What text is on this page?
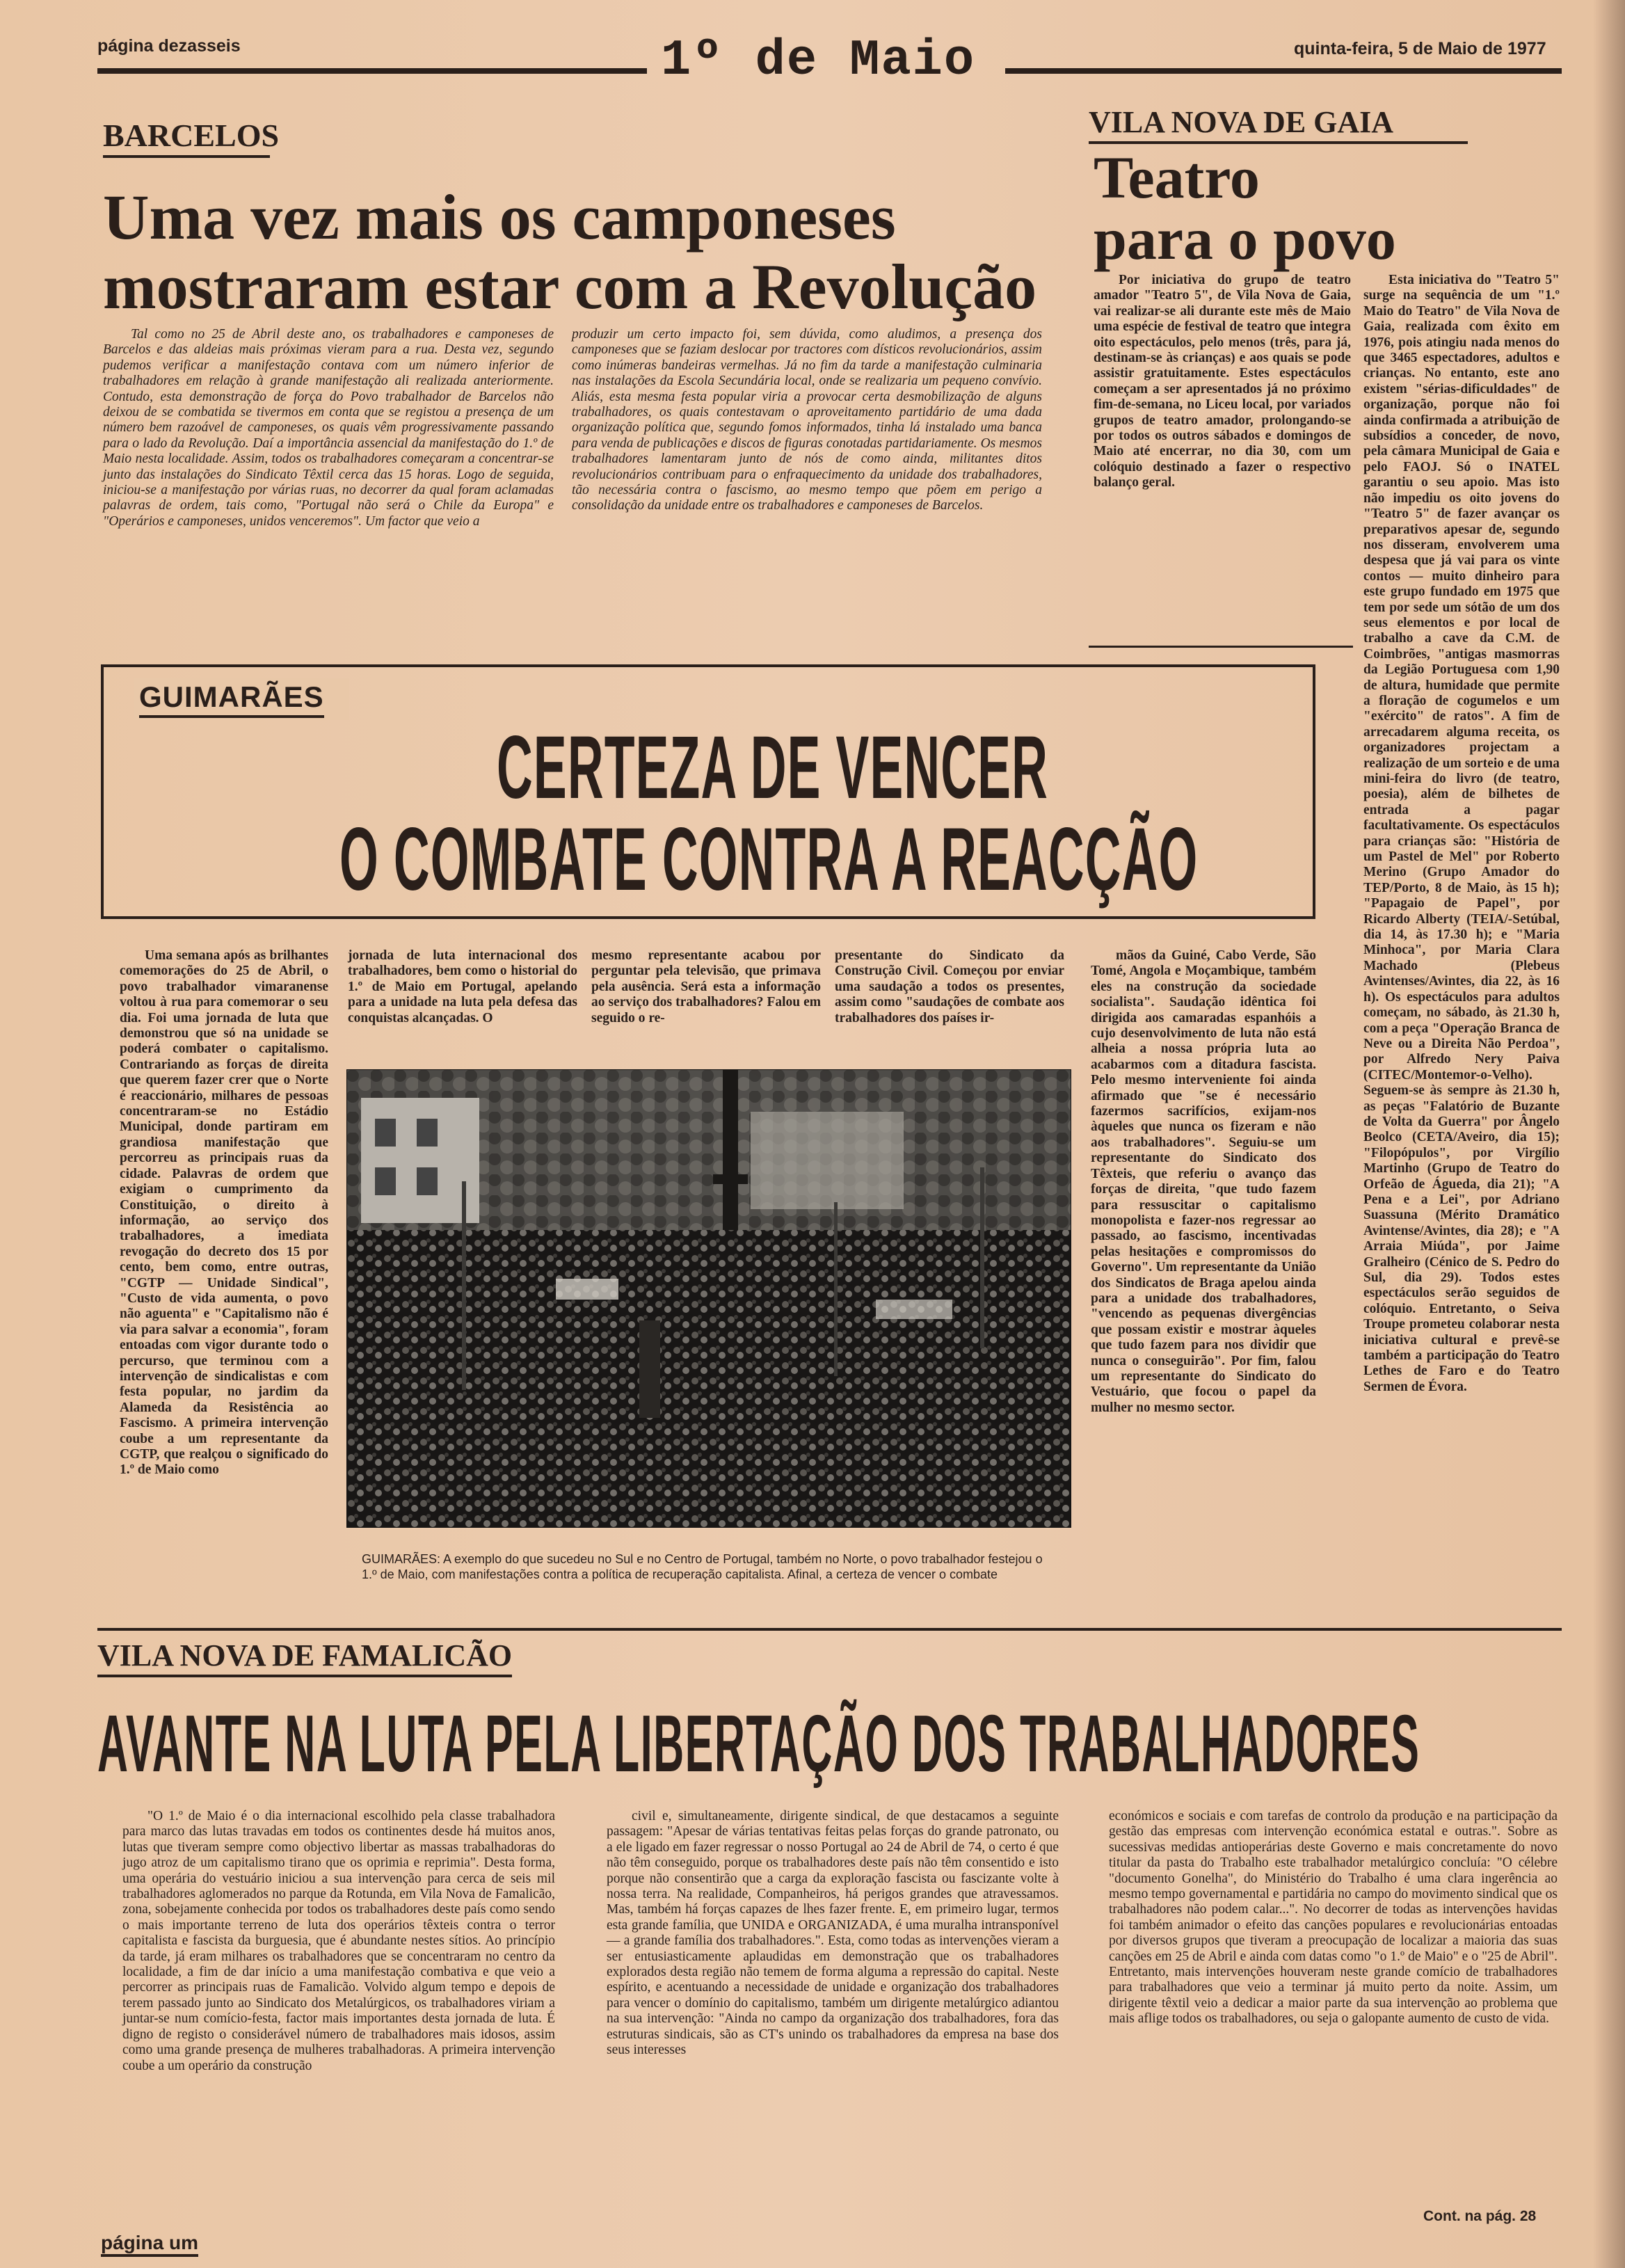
página dezasseis	1º de Maio	quinta-feira, 5 de Maio de 1977
BARCELOS
Uma vez mais os camponeses
mostraram estar com a Revolução
Tal como no 25 de Abril deste ano, os trabalhadores e camponeses de Barcelos e das aldeias mais próximas vieram para a rua. Desta vez, segundo pudemos verificar a manifestação contava com um número inferior de trabalhadores em relação à grande manifestação ali realizada anteriormente. Contudo, esta demonstração de força do Povo trabalhador de Barcelos não deixou de se combatida se tivermos em conta que se registou a presença de um número bem razoável de camponeses, os quais vêm progressivamente passando para o lado da Revolução. Daí a importância assencial da manifestação do 1.º de Maio nesta localidade. Assim, todos os trabalhadores começaram a concentrar-se junto das instalações do Sindicato Têxtil cerca das 15 horas. Logo de seguida, iniciou-se a manifestação por várias ruas, no decorrer da qual foram aclamadas palavras de ordem, tais como, "Portugal não será o Chile da Europa" e "Operários e camponeses, unidos venceremos". Um factor que veio a
produzir um certo impacto foi, sem dúvida, como aludimos, a presença dos camponeses que se faziam deslocar por tractores com dísticos revolucionários, assim como inúmeras bandeiras vermelhas. Já no fim da tarde a manifestação culminaria nas instalações da Escola Secundária local, onde se realizaria um pequeno convívio. Aliás, esta mesma festa popular viria a provocar certa desmobilização de alguns trabalhadores, os quais contestavam o aproveitamento partidário de uma dada organização política que, segundo fomos informados, tinha lá instalado uma banca para venda de publicações e discos de figuras conotadas partidariamente. Os mesmos trabalhadores lamentaram junto de nós de como ainda, militantes ditos revolucionários contribuam para o enfraquecimento da unidade dos trabalhadores, tão necessária contra o fascismo, ao mesmo tempo que põem em perigo a consolidação da unidade entre os trabalhadores e camponeses de Barcelos.
VILA NOVA DE GAIA
Teatro
para o povo
Por iniciativa do grupo de teatro amador "Teatro 5", de Vila Nova de Gaia, vai realizar-se ali durante este mês de Maio uma espécie de festival de teatro que integra oito espectáculos, pelo menos (três, para já, destinam-se às crianças) e aos quais se pode assistir gratuitamente. Estes espectáculos começam a ser apresentados já no próximo fim-de-semana, no Liceu local, por variados grupos de teatro amador, prolongando-se por todos os outros sábados e domingos de Maio até encerrar, no dia 30, com um colóquio destinado a fazer o respectivo balanço geral.
Esta iniciativa do "Teatro 5" surge na sequência de um "1.º Maio do Teatro" de Vila Nova de Gaia, realizada com êxito em 1976, pois atingiu nada menos do que 3465 espectadores, adultos e crianças. No entanto, este ano existem "sérias-dificuldades" de organização, porque não foi ainda confirmada a atribuição de subsídios a conceder, de novo, pela câmara Municipal de Gaia e pelo FAOJ. Só o INATEL garantiu o seu apoio. Mas isto não impediu os oito jovens do "Teatro 5" de fazer avançar os preparativos apesar de, segundo nos disseram, envolverem uma despesa que já vai para os vinte contos — muito dinheiro para este grupo fundado em 1975 que tem por sede um sótão de um dos seus elementos e por local de trabalho a cave da C.M. de Coimbrões, "antigas masmorras da Legião Portuguesa com 1,90 de altura, humidade que permite a floração de cogumelos e um "exército" de ratos". A fim de arrecadarem alguma receita, os organizadores projectam a realização de um sorteio e de uma mini-feira do livro (de teatro, poesia), além de bilhetes de entrada a pagar facultativamente. Os espectáculos para crianças são: "História de um Pastel de Mel" por Roberto Merino (Grupo Amador do TEP/Porto, 8 de Maio, às 15 h); "Papagaio de Papel", por Ricardo Alberty (TEIA/-Setúbal, dia 14, às 17.30 h); e "Maria Minhoca", por Maria Clara Machado (Plebeus Avintenses/Avintes, dia 22, às 16 h). Os espectáculos para adultos começam, no sábado, às 21.30 h, com a peça "Operação Branca de Neve ou a Direita Não Perdoa", por Alfredo Nery Paiva (CITEC/Montemor-o-Velho). Seguem-se às sempre às 21.30 h, as peças "Falatório de Buzante de Volta da Guerra" por Ângelo Beolco (CETA/Aveiro, dia 15); "Filopópulos", por Virgílio Martinho (Grupo de Teatro do Orfeão de Águeda, dia 21); "A Pena e a Lei", por Adriano Suassuna (Mérito Dramático Avintense/Avintes, dia 28); e "A Arraia Miúda", por Jaime Gralheiro (Cénico de S. Pedro do Sul, dia 29). Todos estes espectáculos serão seguidos de colóquio. Entretanto, o Seiva Troupe prometeu colaborar nesta iniciativa cultural e prevê-se também a participação do Teatro Lethes de Faro e do Teatro Sermen de Évora.
GUIMARÃES
CERTEZA DE VENCER
O COMBATE CONTRA A REACÇÃO
Uma semana após as brilhantes comemorações do 25 de Abril, o povo trabalhador vimaranense voltou à rua para comemorar o seu dia. Foi uma jornada de luta que demonstrou que só na unidade se poderá combater o capitalismo. Contrariando as forças de direita que querem fazer crer que o Norte é reaccionário, milhares de pessoas concentraram-se no Estádio Municipal, donde partiram em grandiosa manifestação que percorreu as principais ruas da cidade. Palavras de ordem que exigiam o cumprimento da Constituição, o direito à informação, ao serviço dos trabalhadores, a imediata revogação do decreto dos 15 por cento, bem como, entre outras, "CGTP — Unidade Sindical", "Custo de vida aumenta, o povo não aguenta" e "Capitalismo não é via para salvar a economia", foram entoadas com vigor durante todo o percurso, que terminou com a intervenção de sindicalistas e com festa popular, no jardim da Alameda da Resistência ao Fascismo. A primeira intervenção coube a um representante da CGTP, que realçou o significado do 1.º de Maio como
jornada de luta internacional dos trabalhadores, bem como o historial do 1.º de Maio em Portugal, apelando para a unidade na luta pela defesa das conquistas alcançadas. O
mesmo representante acabou por perguntar pela televisão, que primava pela ausência. Será esta a informação ao serviço dos trabalhadores? Falou em seguido o re-
presentante do Sindicato da Construção Civil. Começou por enviar uma saudação a todos os presentes, assim como "saudações de combate aos trabalhadores dos países ir-
mãos da Guiné, Cabo Verde, São Tomé, Angola e Moçambique, também eles na construção da sociedade socialista". Saudação idêntica foi dirigida aos camaradas espanhóis a cujo desenvolvimento de luta não está alheia a nossa própria luta ao acabarmos com a ditadura fascista. Pelo mesmo interveniente foi ainda afirmado que "se é necessário fazermos sacrifícios, exijam-nos àqueles que nunca os fizeram e não aos trabalhadores". Seguiu-se um representante do Sindicato dos Têxteis, que referiu o avanço das forças de direita, "que tudo fazem para ressuscitar o capitalismo monopolista e fazer-nos regressar ao passado, ao fascismo, incentivadas pelas hesitações e compromissos do Governo". Um representante da União dos Sindicatos de Braga apelou ainda para a unidade dos trabalhadores, "vencendo as pequenas divergências que possam existir e mostrar àqueles que tudo fazem para nos dividir que nunca o conseguirão". Por fim, falou um representante do Sindicato do Vestuário, que focou o papel da mulher no mesmo sector.
GUIMARÃES: A exemplo do que sucedeu no Sul e no Centro de Portugal, também no Norte, o povo trabalhador festejou o 1.º de Maio, com manifestações contra a política de recuperação capitalista. Afinal, a certeza de vencer o combate
VILA NOVA DE FAMALICÃO
AVANTE NA LUTA PELA LIBERTAÇÃO DOS TRABALHADORES
"O 1.º de Maio é o dia internacional escolhido pela classe trabalhadora para marco das lutas travadas em todos os continentes desde há muitos anos, lutas que tiveram sempre como objectivo libertar as massas trabalhadoras do jugo atroz de um capitalismo tirano que os oprimia e reprimia". Desta forma, uma operária do vestuário iniciou a sua intervenção para cerca de seis mil trabalhadores aglomerados no parque da Rotunda, em Vila Nova de Famalicão, zona, sobejamente conhecida por todos os trabalhadores deste país como sendo o mais importante terreno de luta dos operários têxteis contra o terror capitalista e fascista da burguesia, que é abundante nestes sítios. Ao princípio da tarde, já eram milhares os trabalhadores que se concentraram no centro da localidade, a fim de dar início a uma manifestação combativa e que veio a percorrer as principais ruas de Famalicão. Volvido algum tempo e depois de terem passado junto ao Sindicato dos Metalúrgicos, os trabalhadores viriam a juntar-se num comício-festa, factor mais importantes desta jornada de luta. É digno de registo o considerável número de trabalhadores mais idosos, assim como uma grande presença de mulheres trabalhadoras. A primeira intervenção coube a um operário da construção
civil e, simultaneamente, dirigente sindical, de que destacamos a seguinte passagem: "Apesar de várias tentativas feitas pelas forças do grande patronato, ou a ele ligado em fazer regressar o nosso Portugal ao 24 de Abril de 74, o certo é que não têm conseguido, porque os trabalhadores deste país não têm consentido e isto porque não consentirão que a carga da exploração fascista ou fascizante volte à nossa terra. Na realidade, Companheiros, há perigos grandes que atravessamos. Mas, também há forças capazes de lhes fazer frente. E, em primeiro lugar, termos esta grande família, que UNIDA e ORGANIZADA, é uma muralha intransponível — a grande família dos trabalhadores.". Esta, como todas as intervenções vieram a ser entusiasticamente aplaudidas em demonstração que os trabalhadores explorados desta região não temem de forma alguma a repressão do capital. Neste espírito, e acentuando a necessidade de unidade e organização dos trabalhadores para vencer o domínio do capitalismo, também um dirigente metalúrgico adiantou na sua intervenção: "Ainda no campo da organização dos trabalhadores, fora das estruturas sindicais, são as CT's unindo os trabalhadores da empresa na base dos seus interesses
económicos e sociais e com tarefas de controlo da produção e na participação da gestão das empresas com intervenção económica estatal e outras.". Sobre as sucessivas medidas antioperárias deste Governo e mais concretamente do novo titular da pasta do Trabalho este trabalhador metalúrgico concluía: "O célebre "documento Gonelha", do Ministério do Trabalho é uma clara ingerência ao mesmo tempo governamental e partidária no campo do movimento sindical que os trabalhadores não podem calar...". No decorrer de todas as intervenções havidas foi também animador o efeito das canções populares e revolucionárias entoadas por diversos grupos que tiveram a preocupação de localizar a maioria das suas canções em 25 de Abril e ainda com datas como "o 1.º de Maio" e o "25 de Abril". Entretanto, mais intervenções houveram neste grande comício de trabalhadores para trabalhadores que veio a terminar já muito perto da noite. Assim, um dirigente têxtil veio a dedicar a maior parte da sua intervenção ao problema que mais aflige todos os trabalhadores, ou seja o galopante aumento de custo de vida.
Cont. na pág. 28
página um
